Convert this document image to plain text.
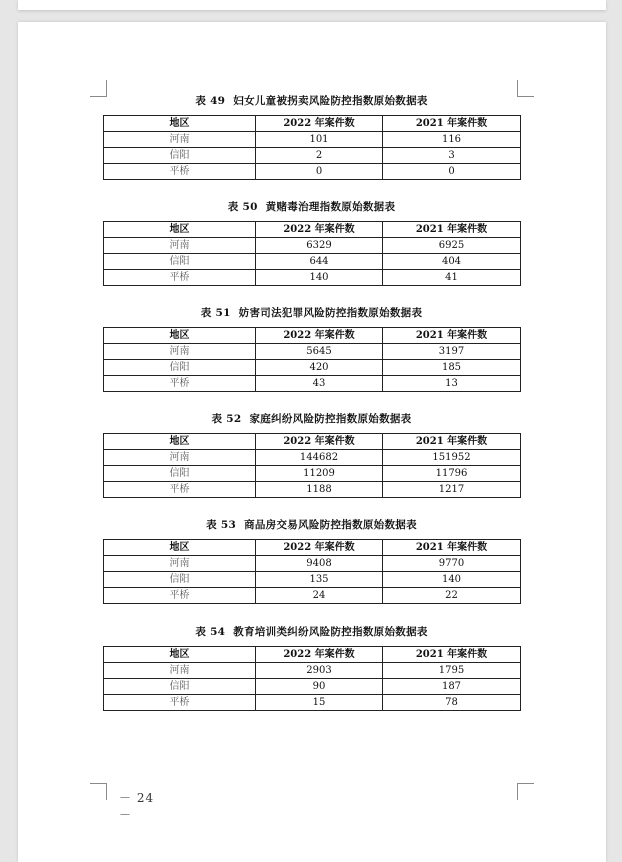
表 49 妇女儿童被拐卖风险防控指数原始数据表
地区	2022 年案件数	2021 年案件数
河南	101	116
信阳	2	3
平桥	0	0
表 50 黄赌毒治理指数原始数据表
地区	2022 年案件数	2021 年案件数
河南	6329	6925
信阳	644	404
平桥	140	41
表 51 妨害司法犯罪风险防控指数原始数据表
地区	2022 年案件数	2021 年案件数
河南	5645	3197
信阳	420	185
平桥	43	13
表 52 家庭纠纷风险防控指数原始数据表
地区	2022 年案件数	2021 年案件数
河南	144682	151952
信阳	11209	11796
平桥	1188	1217
表 53 商品房交易风险防控指数原始数据表
地区	2022 年案件数	2021 年案件数
河南	9408	9770
信阳	135	140
平桥	24	22
表 54 教育培训类纠纷风险防控指数原始数据表
地区	2022 年案件数	2021 年案件数
河南	2903	1795
信阳	90	187
平桥	15	78
－ 24 －
